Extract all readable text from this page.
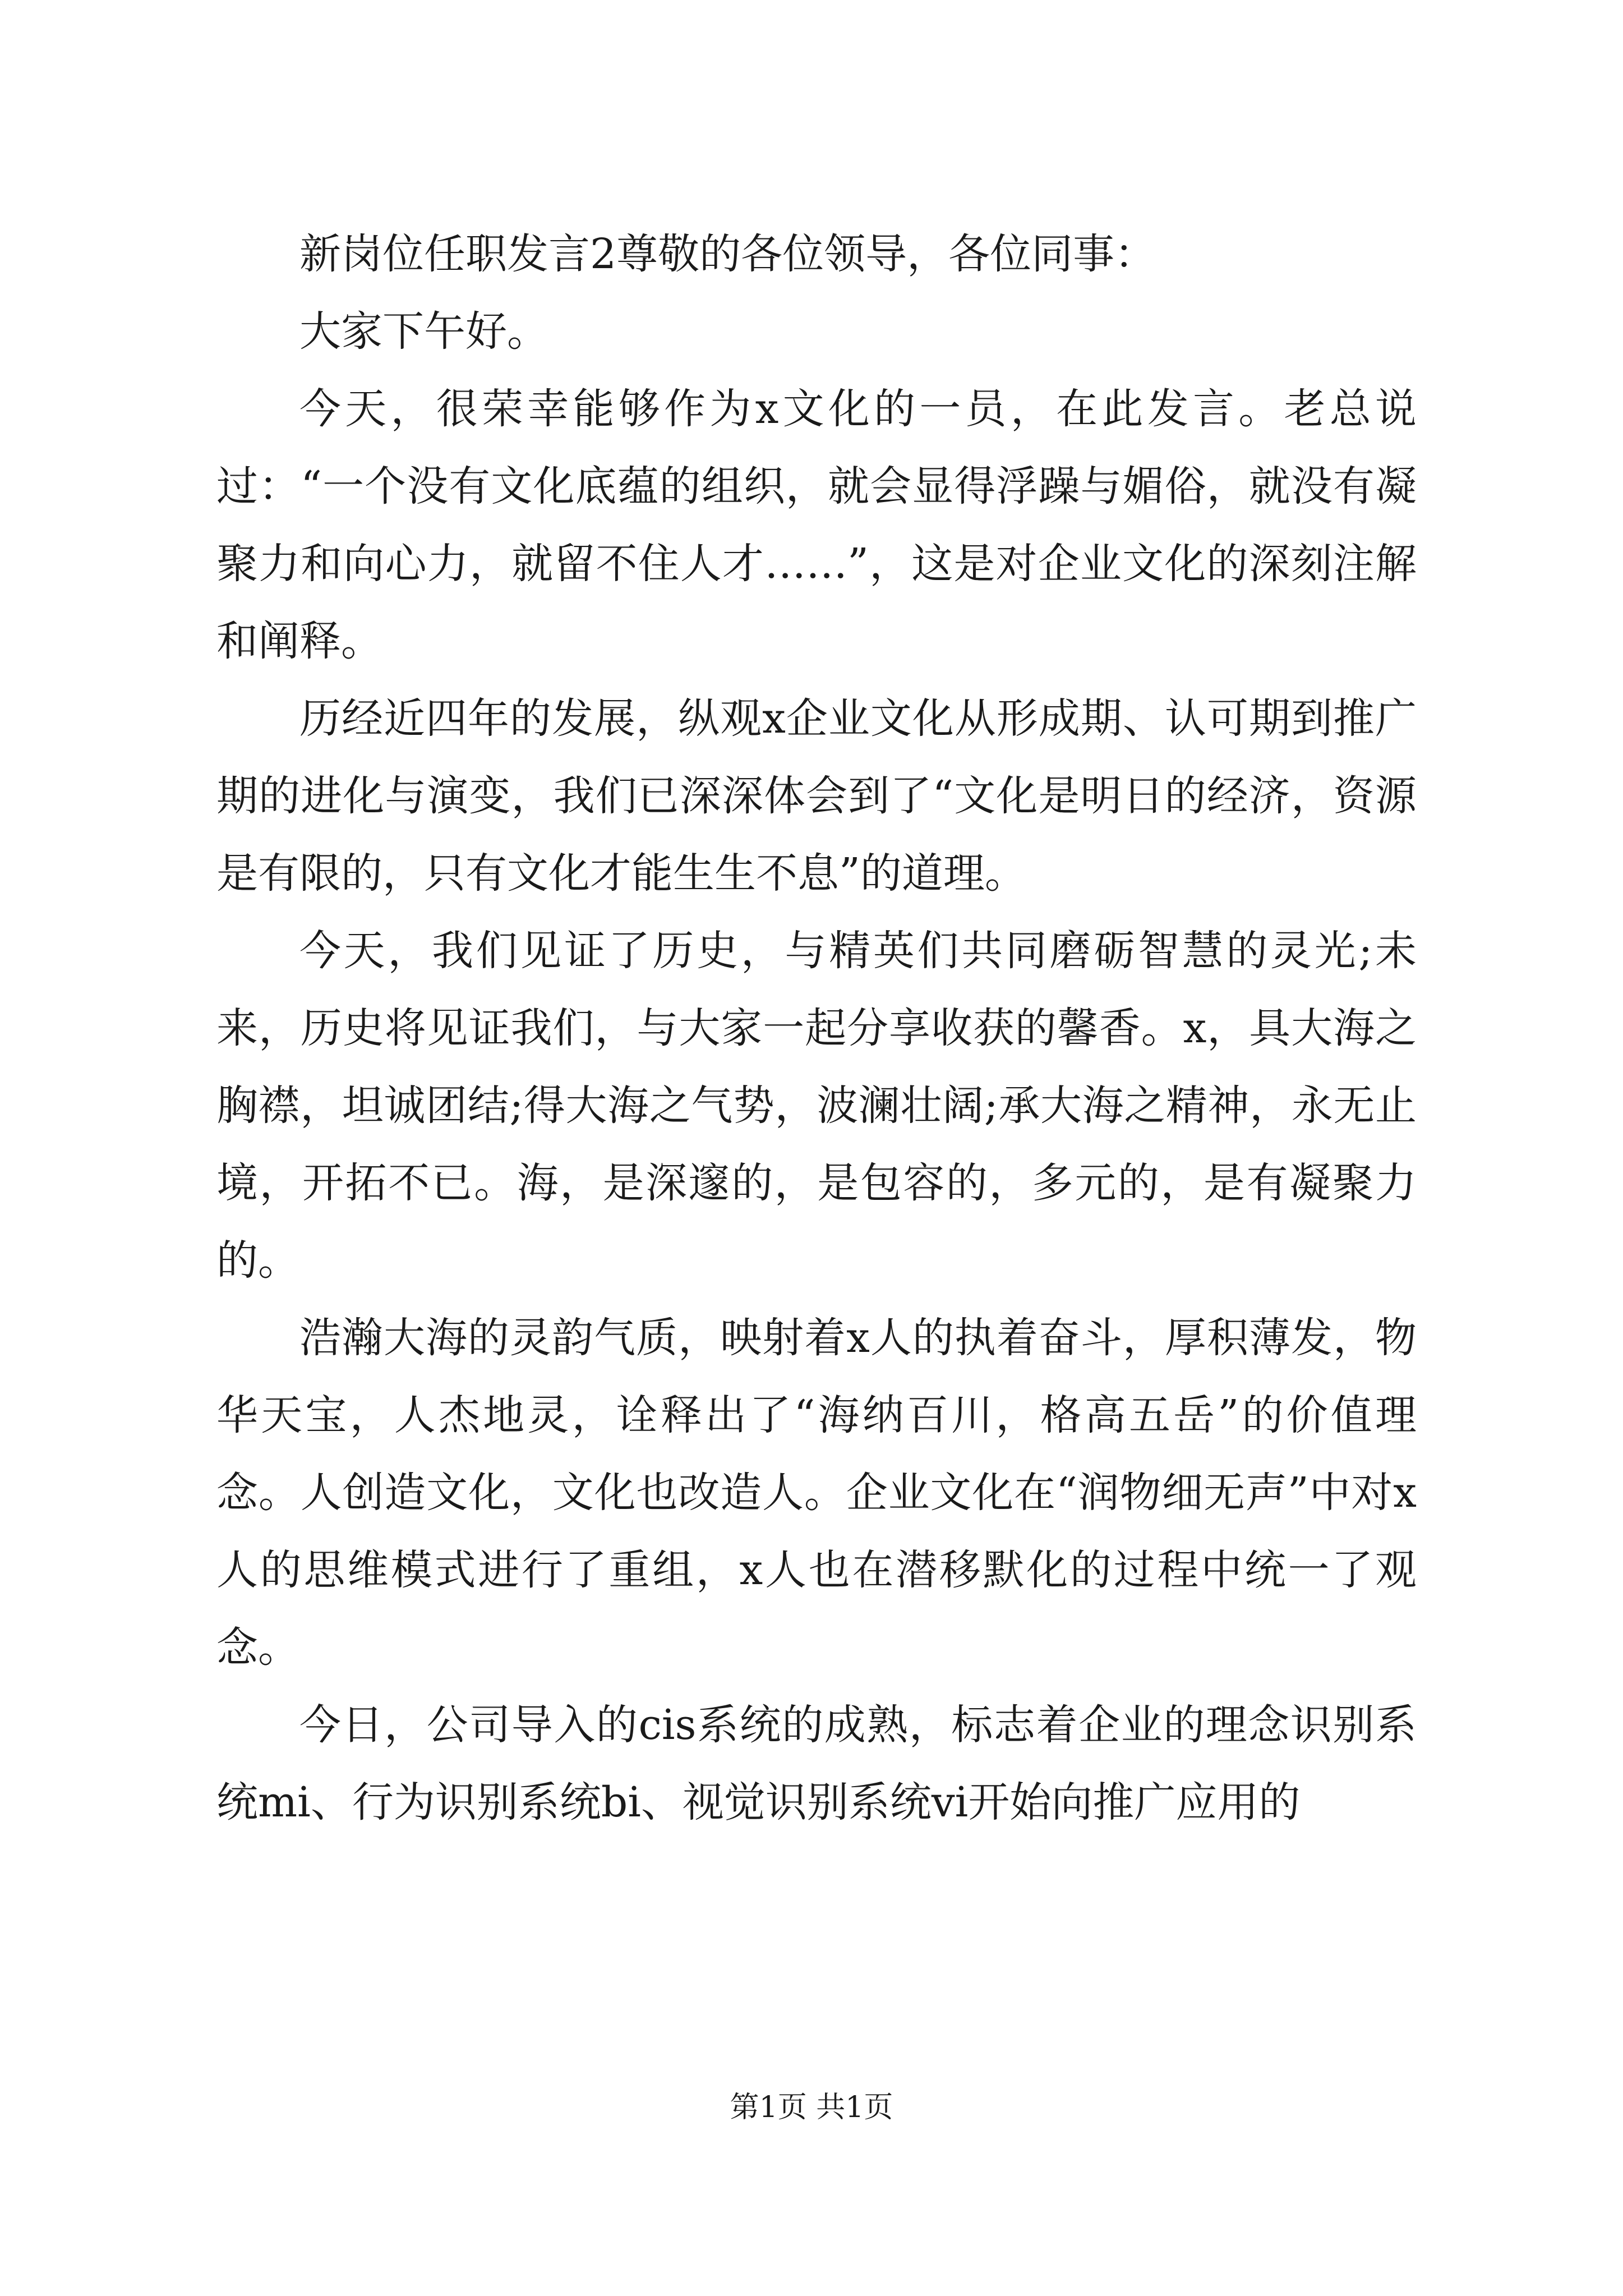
新岗位任职发言2尊敬的各位领导，各位同事：

大家下午好。

今天，很荣幸能够作为x文化的一员，在此发言。老总说过：“一个没有文化底蕴的组织，就会显得浮躁与媚俗，就没有凝聚力和向心力，就留不住人才……”，这是对企业文化的深刻注解和阐释。

历经近四年的发展，纵观x企业文化从形成期、认可期到推广期的进化与演变，我们已深深体会到了“文化是明日的经济，资源是有限的，只有文化才能生生不息”的道理。

今天，我们见证了历史，与精英们共同磨砺智慧的灵光;未来，历史将见证我们，与大家一起分享收获的馨香。x，具大海之胸襟，坦诚团结;得大海之气势，波澜壮阔;承大海之精神，永无止境，开拓不已。海，是深邃的，是包容的，多元的，是有凝聚力的。

浩瀚大海的灵韵气质，映射着x人的执着奋斗，厚积薄发，物华天宝，人杰地灵，诠释出了“海纳百川，格高五岳”的价值理念。人创造文化，文化也改造人。企业文化在“润物细无声”中对x人的思维模式进行了重组，x人也在潜移默化的过程中统一了观念。

今日，公司导入的cis系统的成熟，标志着企业的理念识别系统mi、行为识别系统bi、视觉识别系统vi开始向推广应用的

第1页 共1页
